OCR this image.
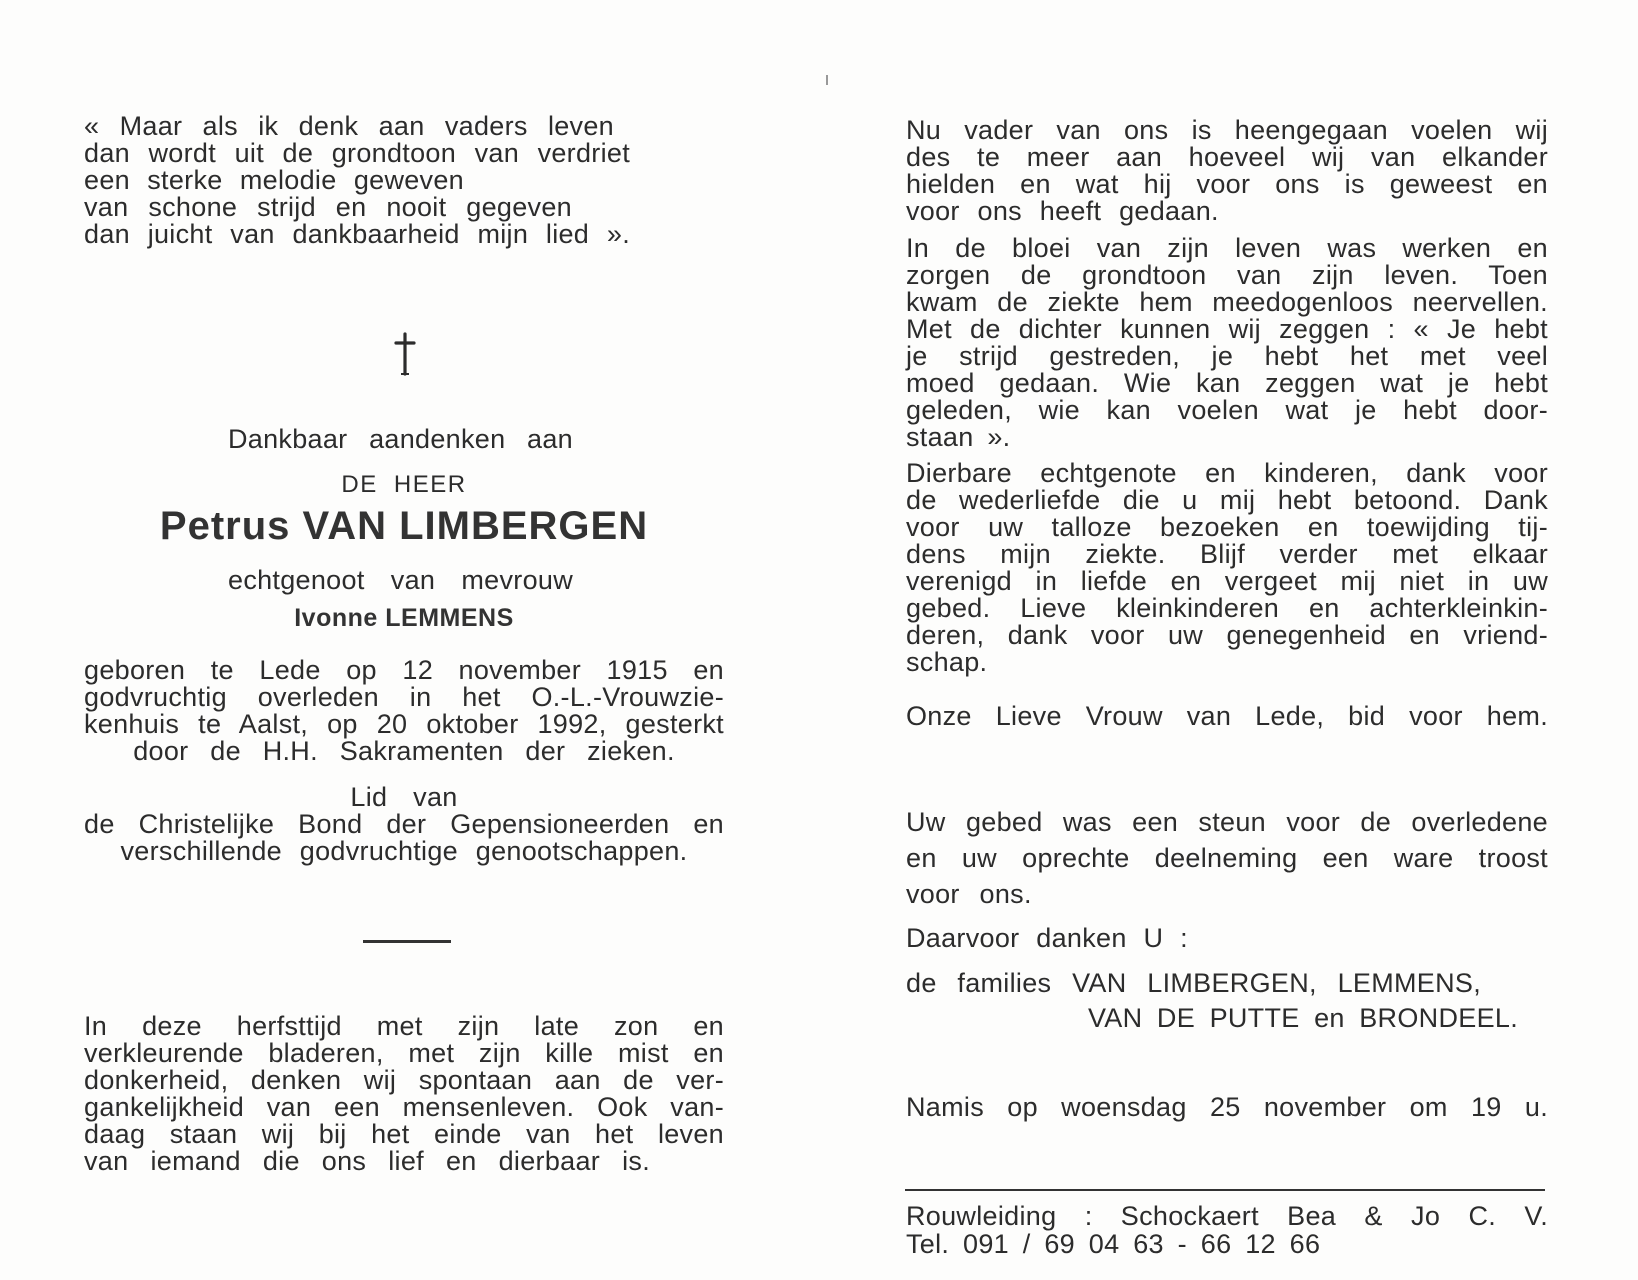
« Maar als ik denk aan vaders leven
dan wordt uit de grondtoon van verdriet
een sterke melodie geweven
van schone strijd en nooit gegeven
dan juicht van dankbaarheid mijn lied ».
Dankbaar aandenken aan
DE HEER
Petrus VAN LIMBERGEN
echtgenoot van mevrouw
Ivonne LEMMENS
geboren te Lede op 12 november 1915 en
godvruchtig overleden in het O.-L.-Vrouwzie-
kenhuis te Aalst, op 20 oktober 1992, gesterkt
door de H.H. Sakramenten der zieken.
Lid van
de Christelijke Bond der Gepensioneerden en
verschillende godvruchtige genootschappen.
In deze herfsttijd met zijn late zon en
verkleurende bladeren, met zijn kille mist en
donkerheid, denken wij spontaan aan de ver-
gankelijkheid van een mensenleven. Ook van-
daag staan wij bij het einde van het leven
van iemand die ons lief en dierbaar is.
Nu vader van ons is heengegaan voelen wij
des te meer aan hoeveel wij van elkander
hielden en wat hij voor ons is geweest en
voor ons heeft gedaan.
In de bloei van zijn leven was werken en
zorgen de grondtoon van zijn leven. Toen
kwam de ziekte hem meedogenloos neervellen.
Met de dichter kunnen wij zeggen : « Je hebt
je strijd gestreden, je hebt het met veel
moed gedaan. Wie kan zeggen wat je hebt
geleden, wie kan voelen wat je hebt door-
staan ».
Dierbare echtgenote en kinderen, dank voor
de wederliefde die u mij hebt betoond. Dank
voor uw talloze bezoeken en toewijding tij-
dens mijn ziekte. Blijf verder met elkaar
verenigd in liefde en vergeet mij niet in uw
gebed. Lieve kleinkinderen en achterkleinkin-
deren, dank voor uw genegenheid en vriend-
schap.
Onze Lieve Vrouw van Lede, bid voor hem.
Uw gebed was een steun voor de overledene
en uw oprechte deelneming een ware troost
voor ons.
Daarvoor danken U :
de families VAN LIMBERGEN, LEMMENS,
VAN DE PUTTE en BRONDEEL.
Namis op woensdag 25 november om 19 u.
Rouwleiding : Schockaert Bea & Jo C. V.
Tel. 091 / 69 04 63 - 66 12 66
